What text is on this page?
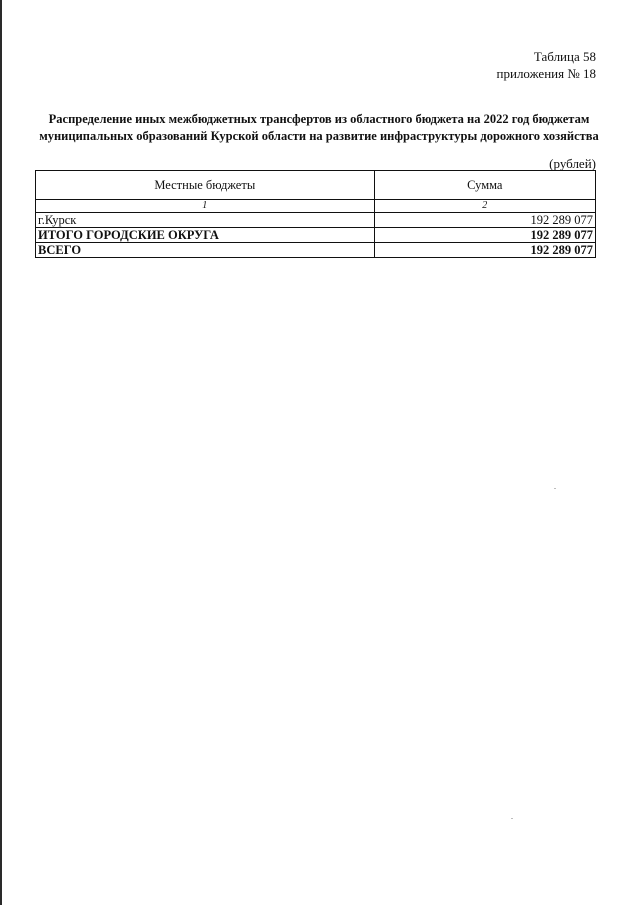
Таблица 58
приложения № 18
Распределение иных межбюджетных трансфертов из областного бюджета на 2022 год бюджетам муниципальных образований Курской области на развитие инфраструктуры дорожного хозяйства
(рублей)
Местные бюджеты	Сумма
1	2
г.Курск	192 289 077
ИТОГО ГОРОДСКИЕ ОКРУГА	192 289 077
ВСЕГО	192 289 077
